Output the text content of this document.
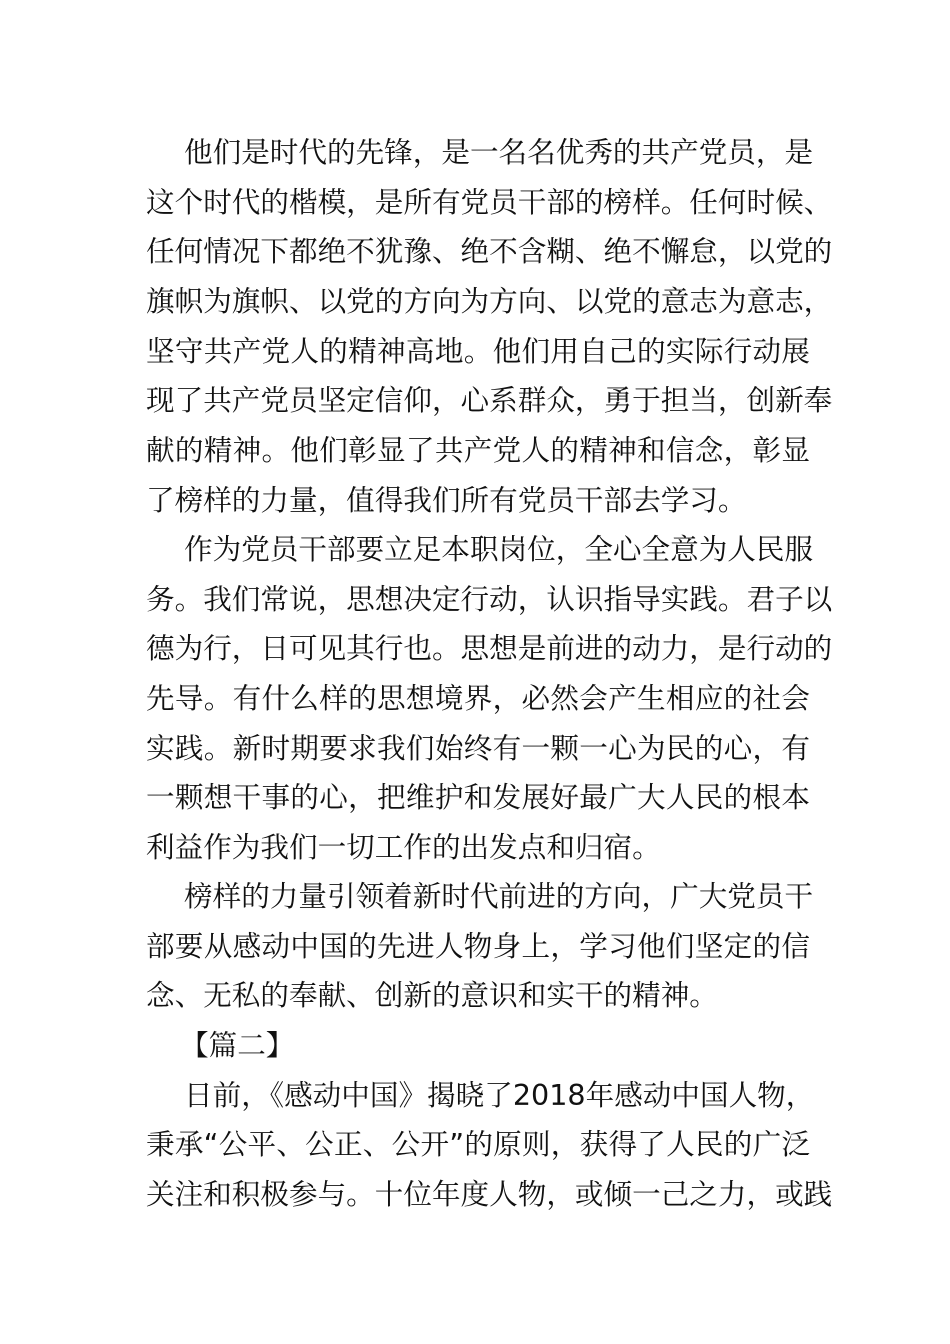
他们是时代的先锋，是一名名优秀的共产党员，是
这个时代的楷模，是所有党员干部的榜样。任何时候、
任何情况下都绝不犹豫、绝不含糊、绝不懈怠，以党的
旗帜为旗帜、以党的方向为方向、以党的意志为意志，
坚守共产党人的精神高地。他们用自己的实际行动展
现了共产党员坚定信仰，心系群众，勇于担当，创新奉
献的精神。他们彰显了共产党人的精神和信念，彰显
了榜样的力量，值得我们所有党员干部去学习。
作为党员干部要立足本职岗位，全心全意为人民服
务。我们常说，思想决定行动，认识指导实践。君子以
德为行，日可见其行也。思想是前进的动力，是行动的
先导。有什么样的思想境界，必然会产生相应的社会
实践。新时期要求我们始终有一颗一心为民的心，有
一颗想干事的心，把维护和发展好最广大人民的根本
利益作为我们一切工作的出发点和归宿。
榜样的力量引领着新时代前进的方向，广大党员干
部要从感动中国的先进人物身上，学习他们坚定的信
念、无私的奉献、创新的意识和实干的精神。
【篇二】
日前，《感动中国》揭晓了2018年感动中国人物，
秉承“公平、公正、公开”的原则，获得了人民的广泛
关注和积极参与。十位年度人物，或倾一己之力，或践
